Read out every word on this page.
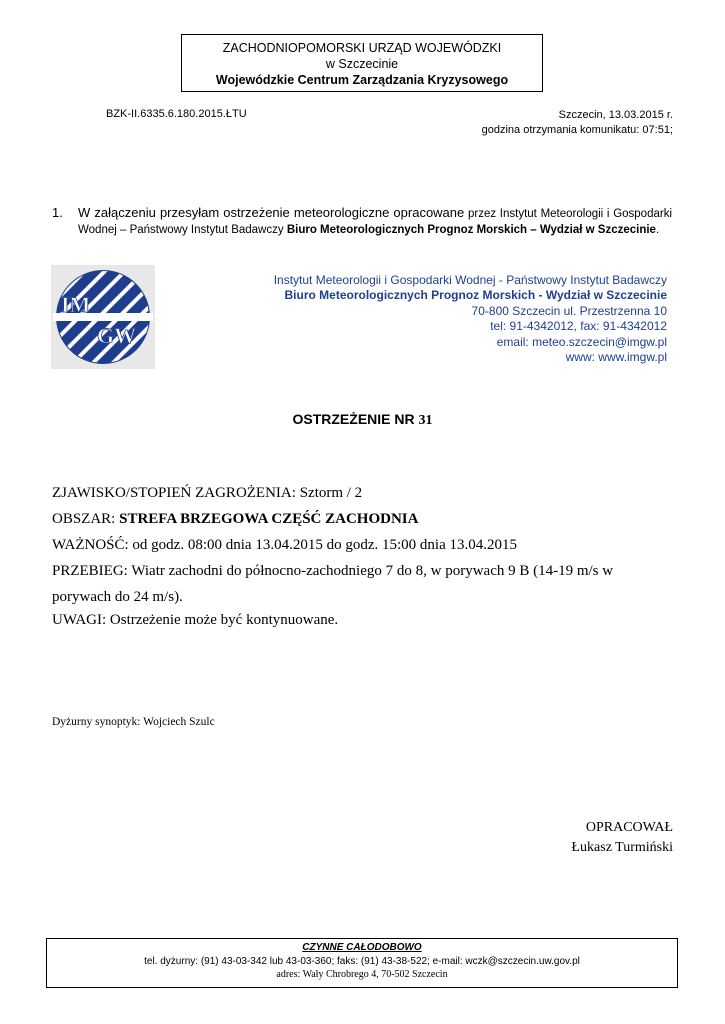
ZACHODNIOPOMORSKI URZĄD WOJEWÓDZKI
w Szczecinie
Wojewódzkie Centrum Zarządzania Kryzysowego
BZK-II.6335.6.180.2015.ŁTU	Szczecin, 13.03.2015 r.
godzina otrzymania komunikatu: 07:51;
1. W załączeniu przesyłam ostrzeżenie meteorologiczne opracowane przez Instytut Meteorologii i Gospodarki Wodnej – Państwowy Instytut Badawczy Biuro Meteorologicznych Prognoz Morskich – Wydział w Szczecinie.
IM
GW
Instytut Meteorologii i Gospodarki Wodnej - Państwowy Instytut Badawczy
Biuro Meteorologicznych Prognoz Morskich - Wydział w Szczecinie
70-800 Szczecin ul. Przestrzenna 10
tel: 91-4342012, fax: 91-4342012
email: meteo.szczecin@imgw.pl
www: www.imgw.pl
OSTRZEŻENIE NR 31
ZJAWISKO/STOPIEŃ ZAGROŻENIA: Sztorm / 2
OBSZAR: STREFA BRZEGOWA CZĘŚĆ ZACHODNIA
WAŻNOŚĆ: od godz. 08:00 dnia 13.04.2015 do godz. 15:00 dnia 13.04.2015
PRZEBIEG: Wiatr zachodni do północno-zachodniego 7 do 8, w porywach 9 B (14-19 m/s w porywach do 24 m/s).
UWAGI: Ostrzeżenie może być kontynuowane.
Dyżurny synoptyk: Wojciech Szulc
OPRACOWAŁ
Łukasz Turmiński
CZYNNE CAŁODOBOWO
tel. dyżurny: (91) 43-03-342 lub 43-03-360; faks: (91) 43-38-522; e-mail: wczk@szczecin.uw.gov.pl
adres: Wały Chrobrego 4, 70-502 Szczecin
